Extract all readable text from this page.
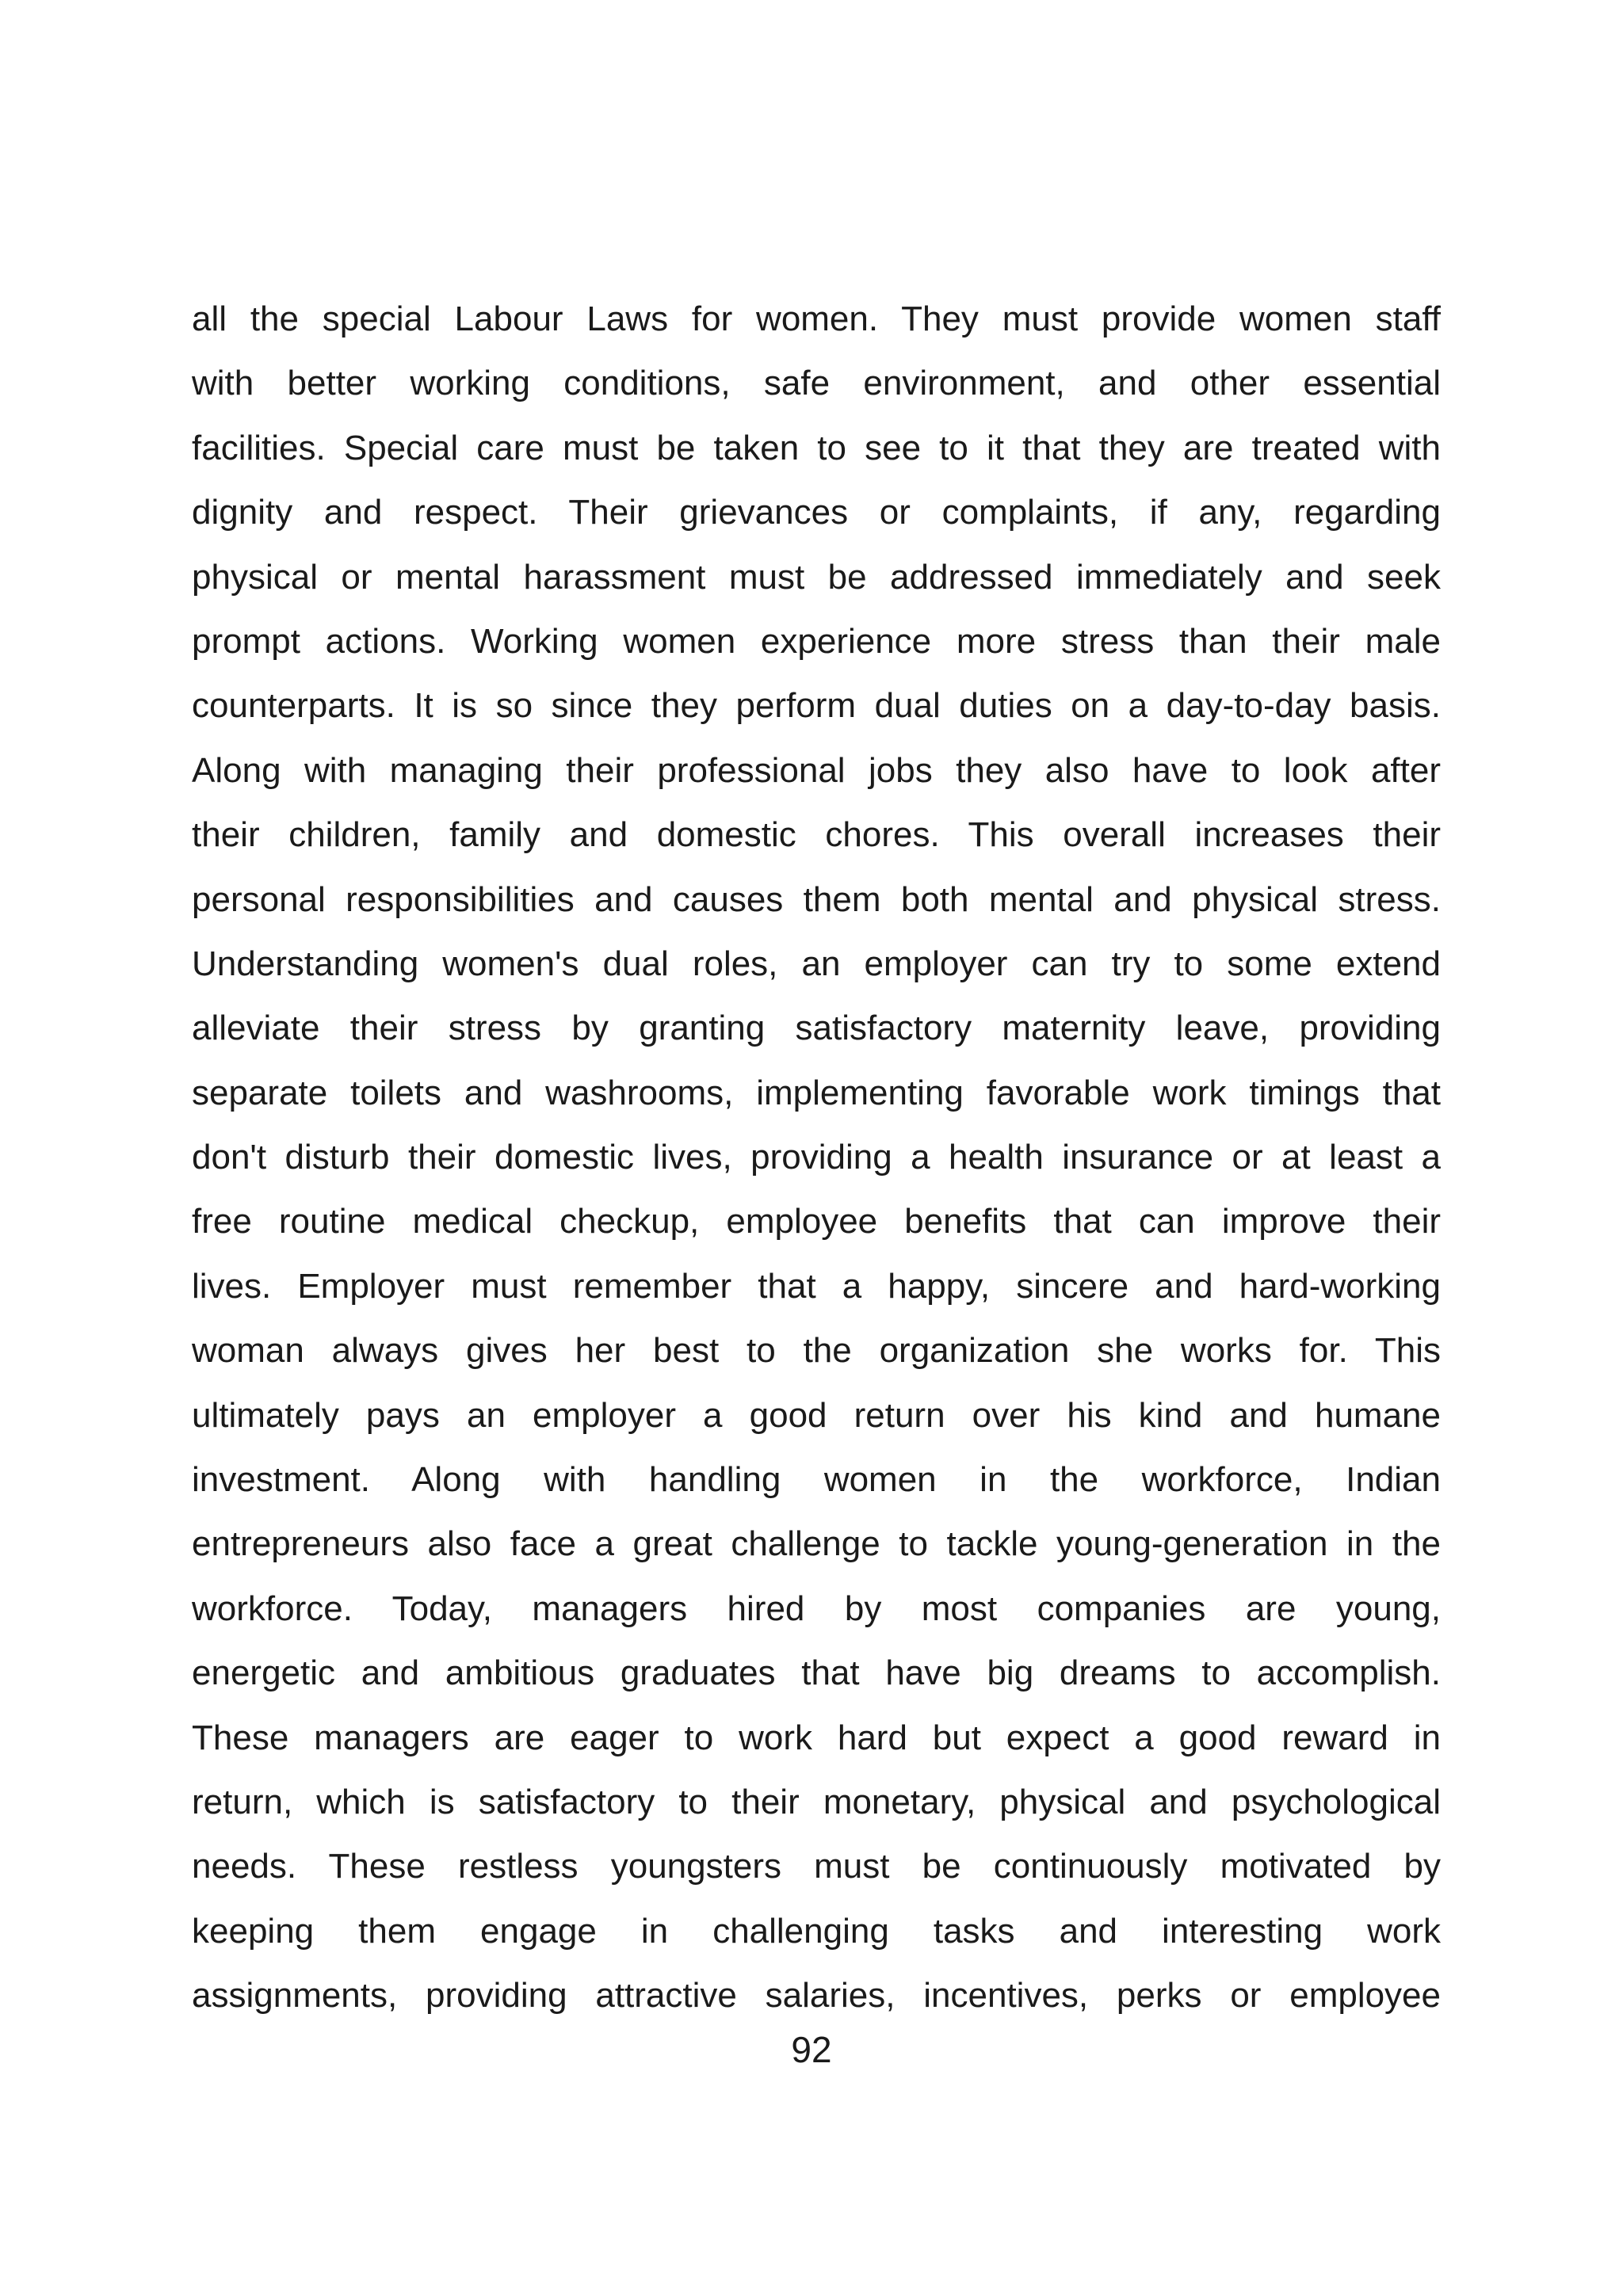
all the special Labour Laws for women. They must provide women staff
with better working conditions, safe environment, and other essential
facilities. Special care must be taken to see to it that they are treated with
dignity and respect. Their grievances or complaints, if any, regarding
physical or mental harassment must be addressed immediately and seek
prompt actions. Working women experience more stress than their male
counterparts. It is so since they perform dual duties on a day-to-day basis.
Along with managing their professional jobs they also have to look after
their children, family and domestic chores. This overall increases their
personal responsibilities and causes them both mental and physical stress.
Understanding women's dual roles, an employer can try to some extend
alleviate their stress by granting satisfactory maternity leave, providing
separate toilets and washrooms, implementing favorable work timings that
don't disturb their domestic lives, providing a health insurance or at least a
free routine medical checkup, employee benefits that can improve their
lives. Employer must remember that a happy, sincere and hard-working
woman always gives her best to the organization she works for. This
ultimately pays an employer a good return over his kind and humane
investment. Along with handling women in the workforce, Indian
entrepreneurs also face a great challenge to tackle young-generation in the
workforce. Today, managers hired by most companies are young,
energetic and ambitious graduates that have big dreams to accomplish.
These managers are eager to work hard but expect a good reward in
return, which is satisfactory to their monetary, physical and psychological
needs. These restless youngsters must be continuously motivated by
keeping them engage in challenging tasks and interesting work
assignments, providing attractive salaries, incentives, perks or employee
92
